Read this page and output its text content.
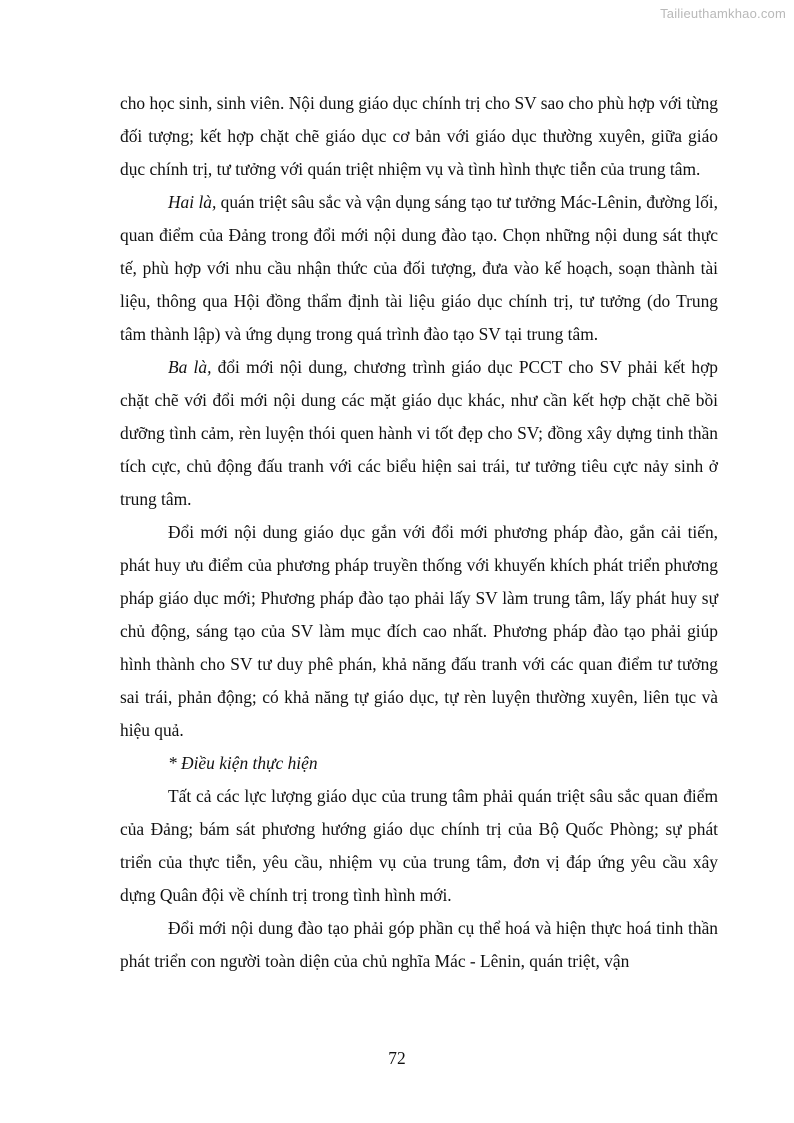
Tailieuthamkhao.com

cho học sinh, sinh viên. Nội dung giáo dục chính trị cho SV sao cho phù hợp với từng đối tượng; kết hợp chặt chẽ giáo dục cơ bản với giáo dục thường xuyên, giữa giáo dục chính trị, tư tưởng với quán triệt nhiệm vụ và tình hình thực tiễn của trung tâm.

Hai là, quán triệt sâu sắc và vận dụng sáng tạo tư tưởng Mác-Lênin, đường lối, quan điểm của Đảng trong đổi mới nội dung đào tạo. Chọn những nội dung sát thực tế, phù hợp với nhu cầu nhận thức của đối tượng, đưa vào kế hoạch, soạn thành tài liệu, thông qua Hội đồng thẩm định tài liệu giáo dục chính trị, tư tưởng (do Trung tâm thành lập) và ứng dụng trong quá trình đào tạo SV tại trung tâm.

Ba là, đổi mới nội dung, chương trình giáo dục PCCT cho SV phải kết hợp chặt chẽ với đổi mới nội dung các mặt giáo dục khác, như cần kết hợp chặt chẽ bồi dưỡng tình cảm, rèn luyện thói quen hành vi tốt đẹp cho SV; đồng xây dựng tinh thần tích cực, chủ động đấu tranh với các biểu hiện sai trái, tư tưởng tiêu cực nảy sinh ở trung tâm.

Đổi mới nội dung giáo dục gắn với đổi mới phương pháp đào, gắn cải tiến, phát huy ưu điểm của phương pháp truyền thống với khuyến khích phát triển phương pháp giáo dục mới; Phương pháp đào tạo phải lấy SV làm trung tâm, lấy phát huy sự chủ động, sáng tạo của SV làm mục đích cao nhất. Phương pháp đào tạo phải giúp hình thành cho SV tư duy phê phán, khả năng đấu tranh với các quan điểm tư tưởng sai trái, phản động; có khả năng tự giáo dục, tự rèn luyện thường xuyên, liên tục và hiệu quả.

* Điều kiện thực hiện

Tất cả các lực lượng giáo dục của trung tâm phải quán triệt sâu sắc quan điểm của Đảng; bám sát phương hướng giáo dục chính trị của Bộ Quốc Phòng; sự phát triển của thực tiễn, yêu cầu, nhiệm vụ của trung tâm, đơn vị đáp ứng yêu cầu xây dựng Quân đội về chính trị trong tình hình mới.

Đổi mới nội dung đào tạo phải góp phần cụ thể hoá và hiện thực hoá tinh thần phát triển con người toàn diện của chủ nghĩa Mác - Lênin, quán triệt, vận

72
